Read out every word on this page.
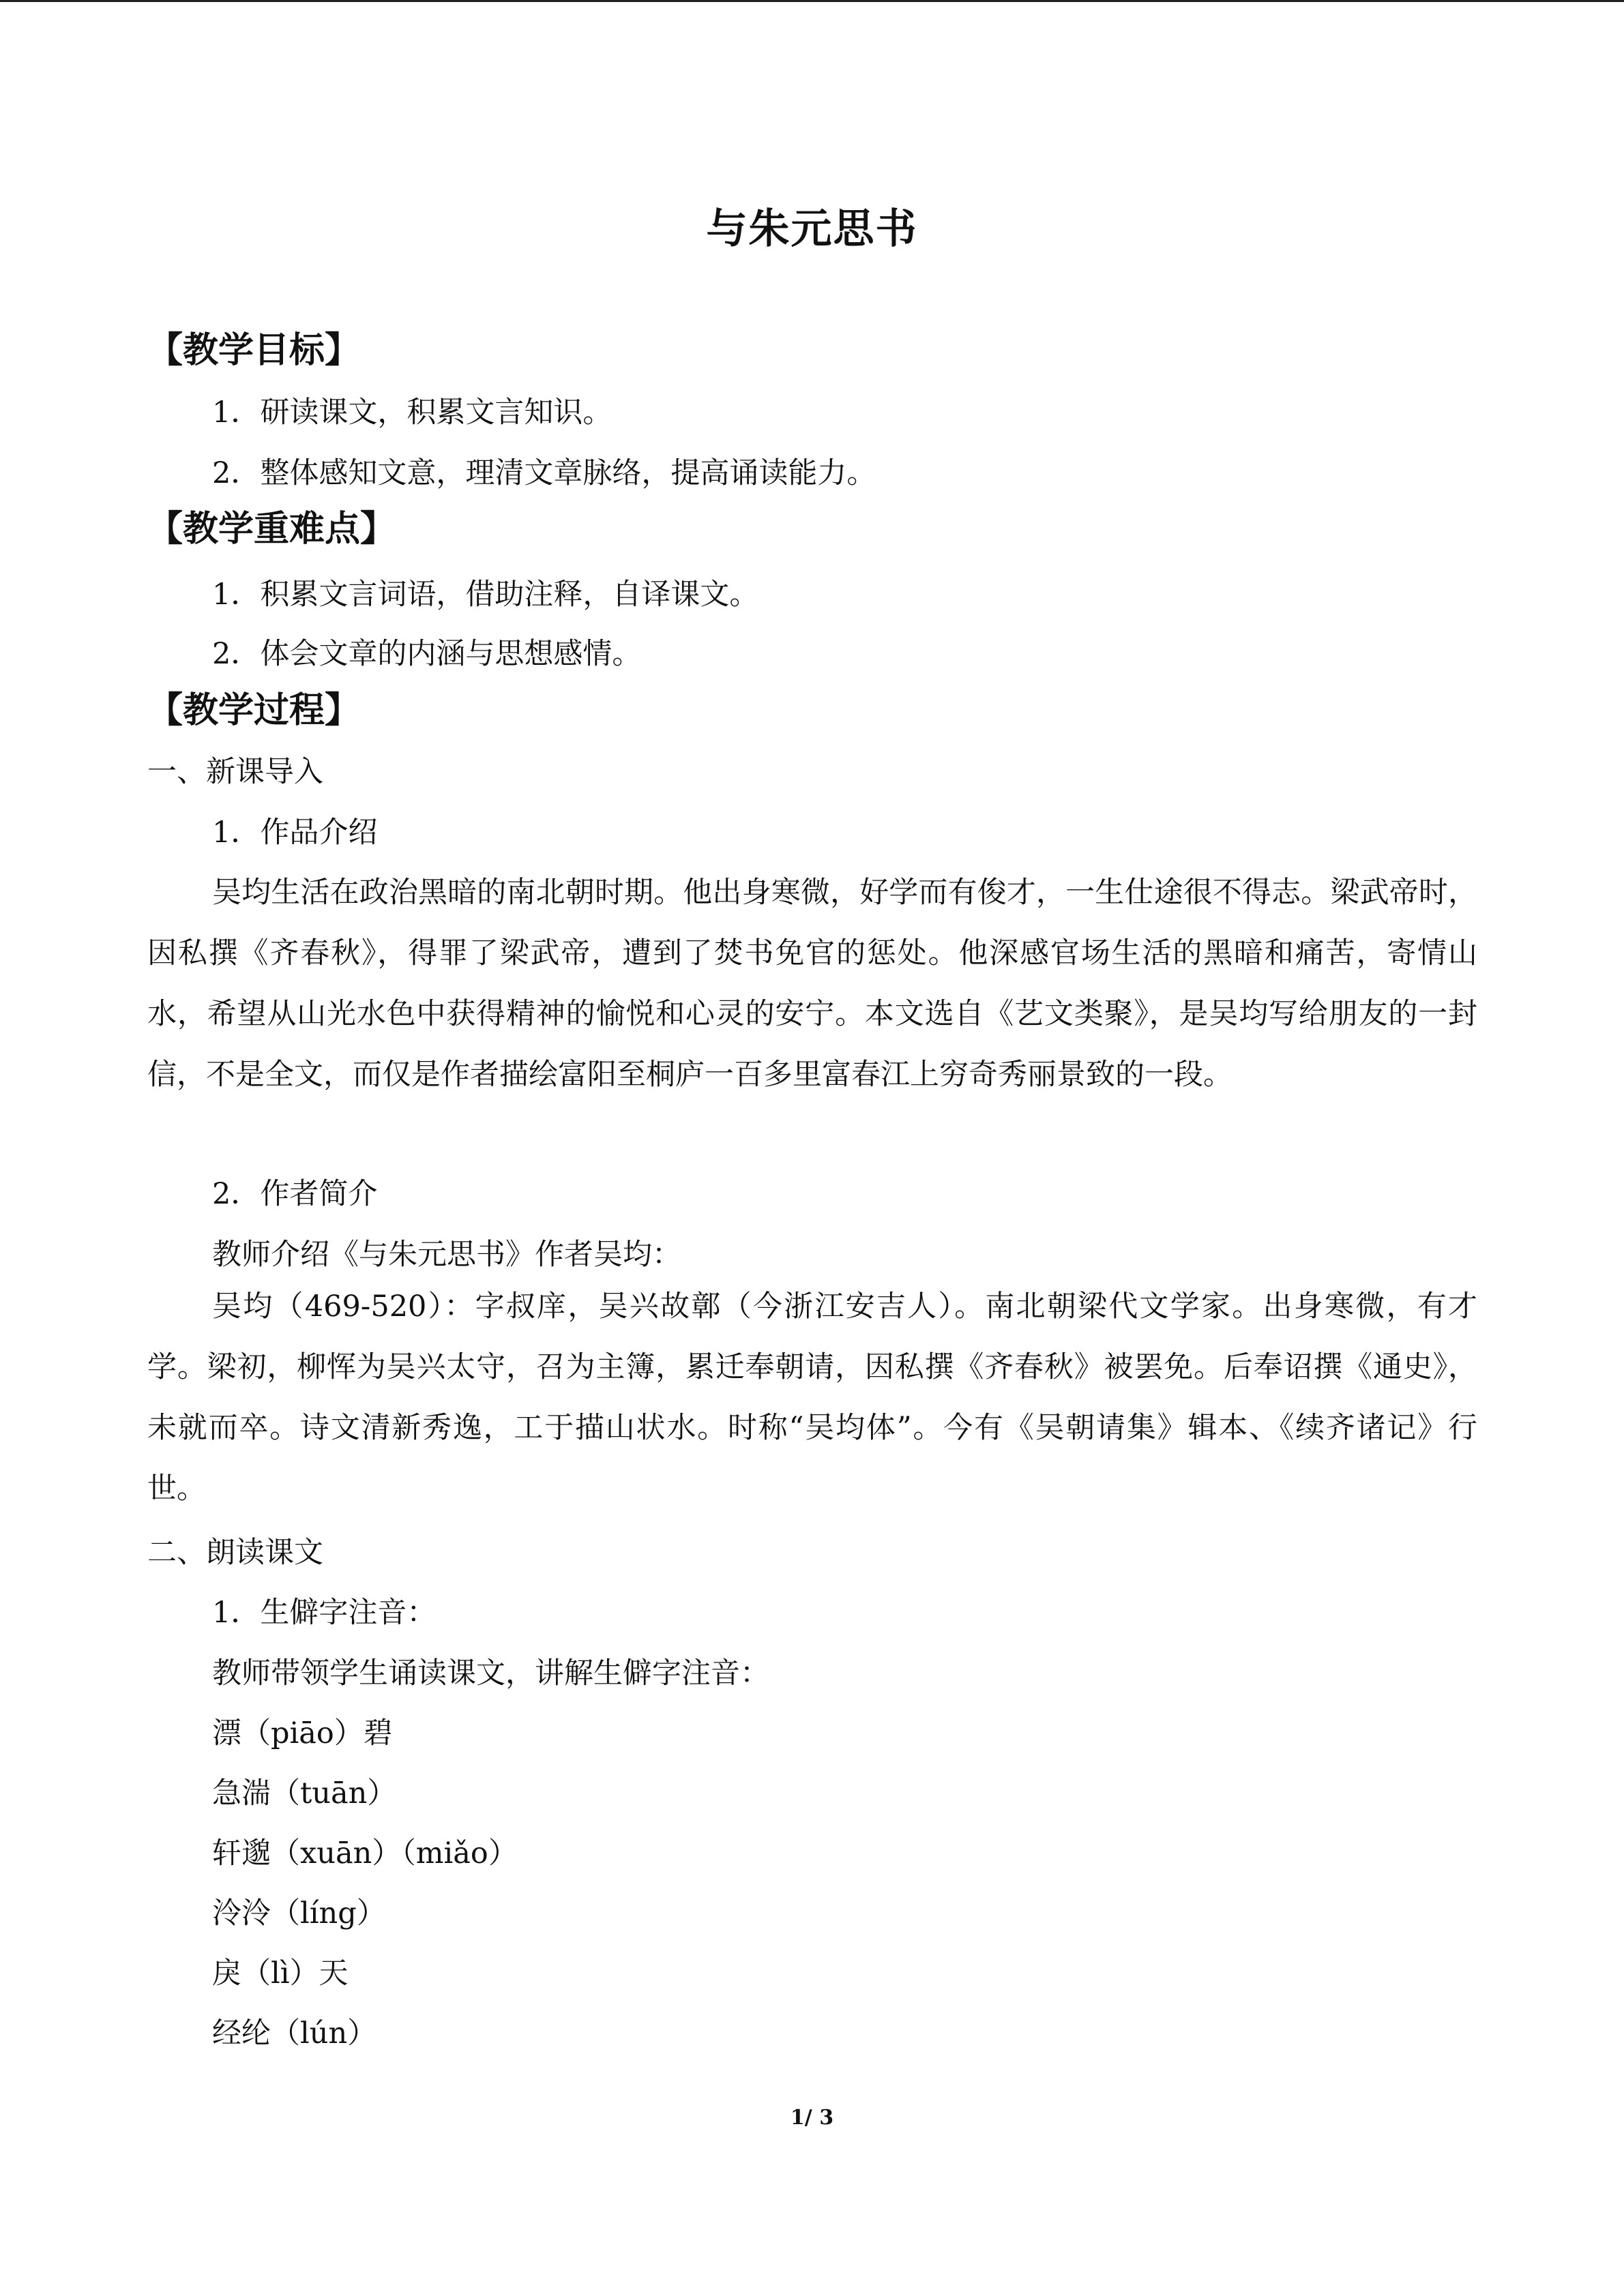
与朱元思书
【教学目标】
1．研读课文，积累文言知识。
2．整体感知文意，理清文章脉络，提高诵读能力。
【教学重难点】
1．积累文言词语，借助注释，自译课文。
2．体会文章的内涵与思想感情。
【教学过程】
一、新课导入
1．作品介绍

吴均生活在政治黑暗的南北朝时期。他出身寒微，好学而有俊才，一生仕途很不得志。梁武帝时，因私撰《齐春秋》，得罪了梁武帝，遭到了焚书免官的惩处。他深感官场生活的黑暗和痛苦，寄情山水，希望从山光水色中获得精神的愉悦和心灵的安宁。本文选自《艺文类聚》，是吴均写给朋友的一封信，不是全文，而仅是作者描绘富阳至桐庐一百多里富春江上穷奇秀丽景致的一段。

2．作者简介
教师介绍《与朱元思书》作者吴均：

吴均（469-520）：字叔庠，吴兴故鄣（今浙江安吉人）。南北朝梁代文学家。出身寒微，有才学。梁初，柳恽为吴兴太守，召为主簿，累迁奉朝请，因私撰《齐春秋》被罢免。后奉诏撰《通史》，未就而卒。诗文清新秀逸，工于描山状水。时称“吴均体”。今有《吴朝请集》辑本、《续齐诸记》行世。

二、朗读课文
1．生僻字注音：
教师带领学生诵读课文，讲解生僻字注音：
漂（piāo）碧
急湍（tuān）
轩邈（xuān）（miǎo）
泠泠（líng）
戾（lì）天
经纶（lún）
1/ 3
